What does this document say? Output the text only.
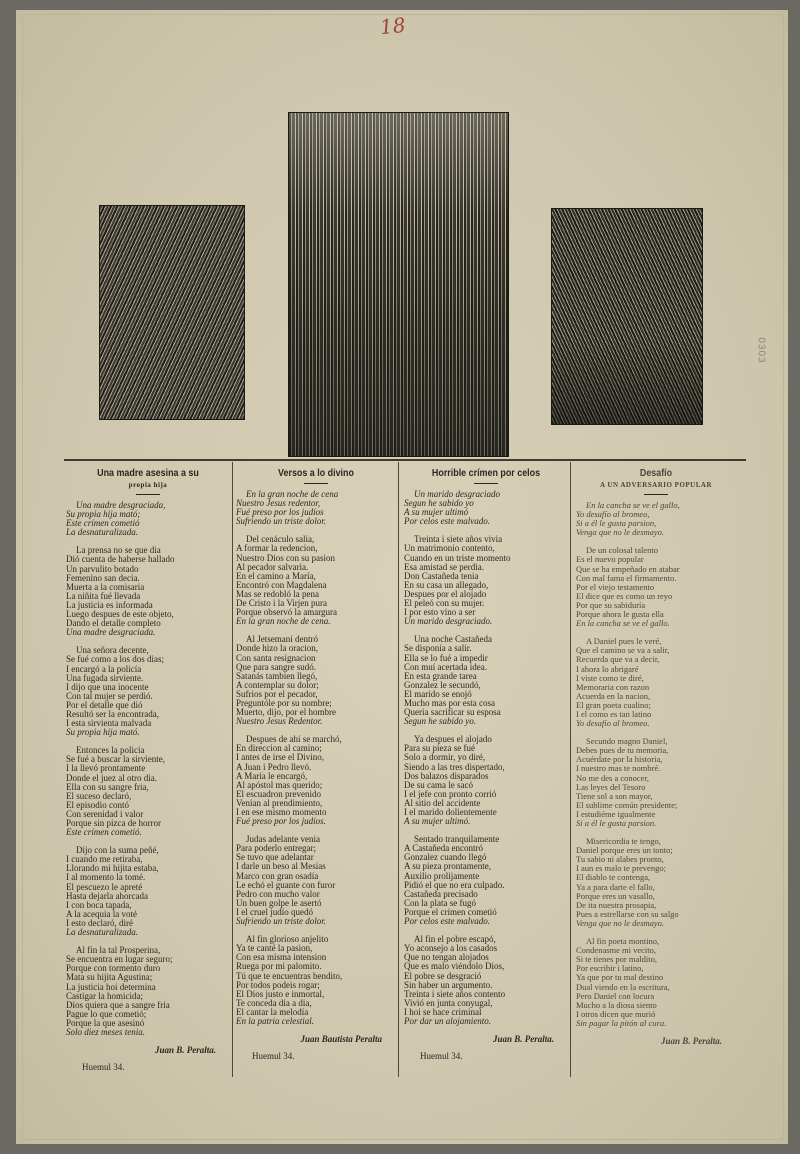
18
0303
Una madre asesina a su
propia hija
Una madre desgraciada,
Su propia hija mató;
Este crímen cometió
La desnaturalizada.
La prensa no se que dia
Dió cuenta de haberse hallado
Un parvulito botado
Femenino san decia.
Muerta a la comisaria
La niñita fué llevada
La justicia es informada
Luego despues de este objeto,
Dando el detalle completo
Una madre desgraciada.
Una señora decente,
Se fué como a los dos dias;
I encargó a la policía
Una fugada sirviente.
I dijo que una inocente
Con tal mujer se perdió.
Por el detalle que dió
Resultó ser la encontrada,
I esta sirvienta malvada
Su propia hija mató.
Entonces la policía
Se fué a buscar la sirviente,
I la llevó prontamente
Donde el juez al otro dia.
Ella con su sangre fria,
El suceso declaró,
El episodio contó
Con serenidad i valor
Porque sin pizca de horror
Este crímen cometió.
Dijo con la suma peñé,
I cuando me retiraba,
Llorando mi hijita estaba,
I al momento la tomé.
El pescuezo le apreté
Hasta dejarla ahorcada
I con boca tapada,
A la acequia la voté
I esto declaró, diré
La desnaturalizada.
Al fin la tal Prosperina,
Se encuentra en lugar seguro;
Porque con tormento duro
Mata su hijita Agustina;
La justicia hoi determina
Castigar la homicida;
Dios quiera que a sangre fria
Pague lo que cometió;
Porque la que asesinó
Solo diez meses tenia.
Juan B. Peralta.
Huemul 34.
Versos a lo divino
En la gran noche de cena
Nuestro Jesus redentor,
Fué preso por los judíos
Sufriendo un triste dolor.
Del cenáculo salia,
A formar la redencion,
Nuestro Dios con su pasion
Al pecador salvaria.
En el camino a María,
Encontró con Magdalena
Mas se redobló la pena
De Cristo i la Virjen pura
Porque observó la amargura
En la gran noche de cena.
Al Jetsemaní dentró
Donde hizo la oracion,
Con santa resignacion
Que para sangre sudó.
Satanás tambien llegó,
A contemplar su dolor;
Sufrios por el pecador,
Preguntóle por su nombre;
Muerto, dijo, por el hombre
Nuestro Jesus Redentor.
Despues de ahí se marchó,
En direccion al camino;
I antes de irse el Divino,
A Juan i Pedro llevó.
A María le encargó,
Al apóstol mas querido;
El escuadron prevenido
Venian al prendimiento,
I en ese mismo momento
Fué preso por los judíos.
Judas adelante venia
Para poderlo entregar;
Se tuvo que adelantar
I darle un beso al Mesías
Marco con gran osadía
Le echó el guante con furor
Pedro con mucho valor
Un buen golpe le asertó
I el cruel judío quedó
Sufriendo un triste dolor.
Al fin glorioso anjelito
Ya te canté la pasion,
Con esa misma intension
Ruega por mi palomito.
Tú que te encuentras bendito,
Por todos podeis rogar;
El Dios justo e inmortal,
Te conceda dia a dia,
El cantar la melodía
En la patria celestial.
Juan Bautista Peralta
Huemul 34.
Horrible crímen por celos
Un marido desgraciado
Segun he sabido yo
A su mujer ultimó
Por celos este malvado.
Treinta i siete años vivia
Un matrimonio contento,
Cuando en un triste momento
Esa amistad se perdia.
Don Castañeda tenia
En su casa un allegado,
Despues por el alojado
El peleó con su mujer.
I por esto vino a ser
Un marido desgraciado.
Una noche Castañeda
Se disponía a salir.
Ella se lo fué a impedir
Con muí acertada idea.
En esta grande tarea
Gonzalez le secundó,
El marido se enojó
Mucho mas por esta cosa
Queria sacrificar su esposa
Segun he sabido yo.
Ya despues el alojado
Para su pieza se fué
Solo a dormir, yo diré,
Siendo a las tres dispertado,
Dos balazos disparados
De su cama le sacó
I el jefe con pronto corrió
Al sitio del accidente
I el marido dolientemente
A su mujer ultimó.
Sentado tranquilamente
A Castañeda encontró
Gonzalez cuando llegó
A su pieza prontamente,
Auxilio prolijamente
Pidió el que no era culpado.
Castañeda precisado
Con la plata se fugó
Porque el crímen cometió
Por celos este malvado.
Al fin el pobre escapó,
Yo aconsejo a los casados
Que no tengan alojados
Que es malo viéndolo Dios,
El pobre se desgració
Sin haber un argumento.
Treinta i siete años contento
Vivió en junta conyugal,
I hoi se hace criminal
Por dar un alojamiento.
Juan B. Peralta.
Huemul 34.
Desafío
A UN ADVERSARIO POPULAR
En la cancha se ve el gallo,
Yo desafío al bromeo,
Si a él le gusta parsion,
Venga que no le desmayo.
De un colosal talento
Es el nuevo popular
Que se ha empeñado en atabar
Con mal fama el firmamento.
Por el viejo testamento
El dice que es como un reyo
Por que su sabiduría
Porque ahora le gusta ella
En la cancha se ve el gallo.
A Daniel pues le veré,
Que el camino se va a salir,
Recuerda que va a decir,
I ahora lo abrigaré
I viste como te diré,
Memoraria con razon
Acuerda en la nacion,
El gran poeta cualino;
I el como es tan latino
Yo desafío al bromeo.
Secundo magno Daniel,
Debes pues de tu memoria,
Acuérdate por la historia,
I nuestro mas te nombré.
No me des a conocer,
Las leyes del Tesoro
Tiene sol a son mayor,
El sublime común presidente;
I estudiéme igualmente
Si a él le gusta parsion.
Misericordia te tengo,
Daniel porque eres un tonto;
Tu sabio ni alabes pronto,
I aun es malo te prevengo;
El diablo te contenga,
Ya a para darte el fallo,
Porque eres un vasallo,
De ita nuestra prosapia,
Pues a estrellarse con su salgo
Venga que no le desmayo.
Al fin poeta montino,
Condenasme mi vecito,
Si te tienes por maldito,
Por escribir i latino,
Ya que por tu mal destino
Dual viendo en la escritura,
Pero Daniel con locura
Mucho a la diosa siento
I otros dicen que murió
Sin pagar la pitón al cura.
Juan B. Peralta.
